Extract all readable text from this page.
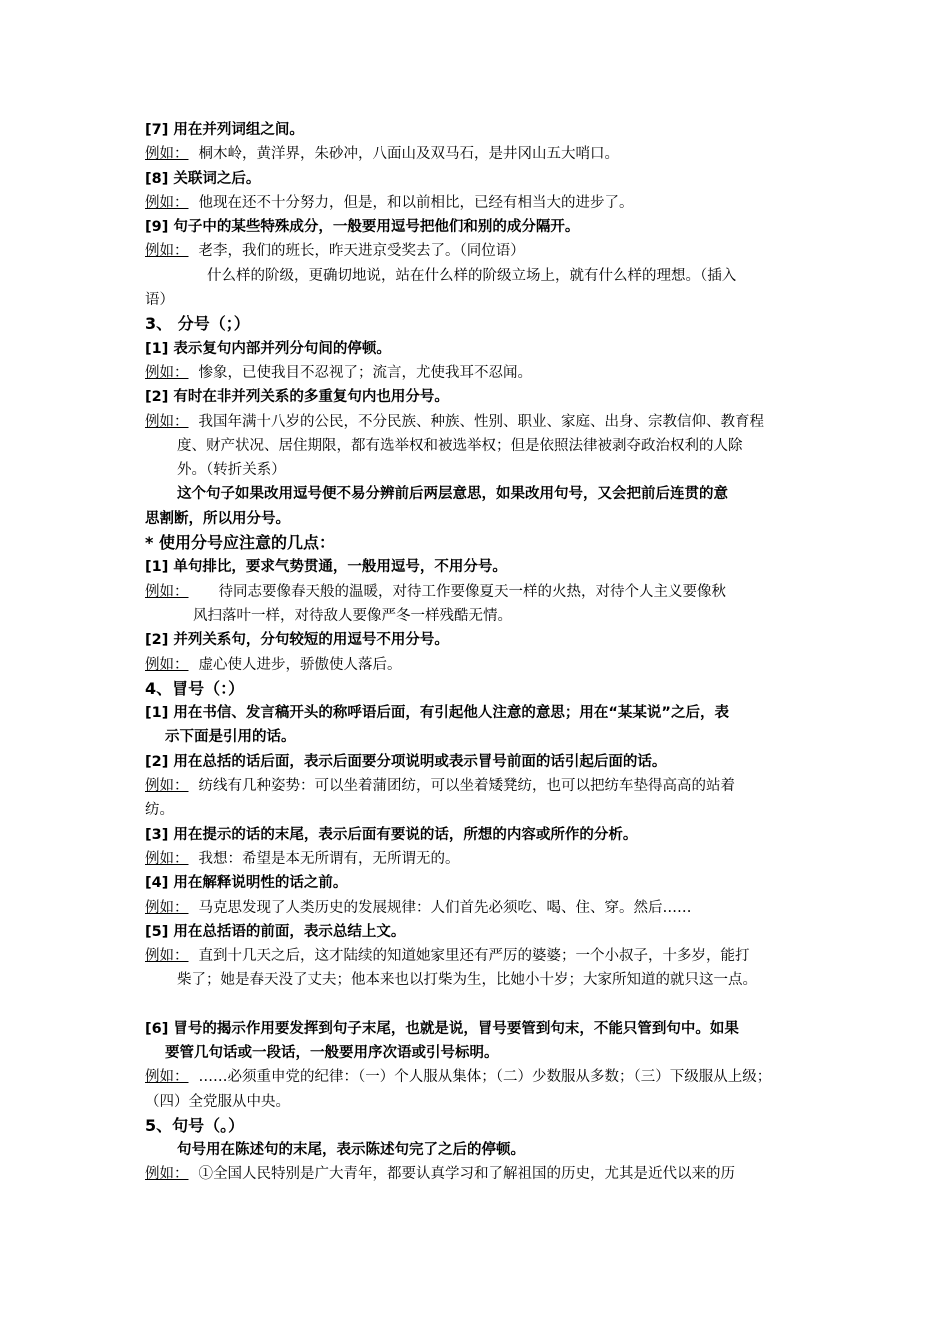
[7] 用在并列词组之间。
例如： 桐木岭，黄洋界，朱砂冲，八面山及双马石，是井冈山五大哨口。
[8] 关联词之后。
例如： 他现在还不十分努力，但是，和以前相比，已经有相当大的进步了。
[9] 句子中的某些特殊成分，一般要用逗号把他们和别的成分隔开。
例如： 老李，我们的班长，昨天进京受奖去了。（同位语）
什么样的阶级，更确切地说，站在什么样的阶级立场上，就有什么样的理想。（插入
语）
3、 分号（；）
[1] 表示复句内部并列分句间的停顿。
例如： 惨象，已使我目不忍视了；流言，尤使我耳不忍闻。
[2] 有时在非并列关系的多重复句内也用分号。
例如： 我国年满十八岁的公民，不分民族、种族、性别、职业、家庭、出身、宗教信仰、教育程
度、财产状况、居住期限，都有选举权和被选举权；但是依照法律被剥夺政治权利的人除
外。（转折关系）
这个句子如果改用逗号便不易分辨前后两层意思，如果改用句号，又会把前后连贯的意
思割断，所以用分号。
* 使用分号应注意的几点：
[1] 单句排比，要求气势贯通，一般用逗号，不用分号。
例如： 待同志要像春天般的温暖，对待工作要像夏天一样的火热，对待个人主义要像秋
风扫落叶一样，对待敌人要像严冬一样残酷无情。
[2] 并列关系句，分句较短的用逗号不用分号。
例如： 虚心使人进步，骄傲使人落后。
4、冒号（：）
[1] 用在书信、发言稿开头的称呼语后面，有引起他人注意的意思；用在“某某说”之后，表
示下面是引用的话。
[2] 用在总括的话后面，表示后面要分项说明或表示冒号前面的话引起后面的话。
例如： 纺线有几种姿势：可以坐着蒲团纺，可以坐着矮凳纺，也可以把纺车垫得高高的站着
纺。
[3] 用在提示的话的末尾，表示后面有要说的话，所想的内容或所作的分析。
例如： 我想：希望是本无所谓有，无所谓无的。
[4] 用在解释说明性的话之前。
例如： 马克思发现了人类历史的发展规律：人们首先必须吃、喝、住、穿。然后……
[5] 用在总括语的前面，表示总结上文。
例如： 直到十几天之后，这才陆续的知道她家里还有严厉的婆婆；一个小叔子，十多岁，能打
柴了；她是春天没了丈夫；他本来也以打柴为生，比她小十岁；大家所知道的就只这一点。
[6] 冒号的揭示作用要发挥到句子末尾，也就是说，冒号要管到句末，不能只管到句中。如果
要管几句话或一段话，一般要用序次语或引号标明。
例如： ……必须重申党的纪律：（一）个人服从集体；（二）少数服从多数；（三）下级服从上级；
（四）全党服从中央。
5、句号（。）
句号用在陈述句的末尾，表示陈述句完了之后的停顿。
例如： ①全国人民特别是广大青年，都要认真学习和了解祖国的历史，尤其是近代以来的历
